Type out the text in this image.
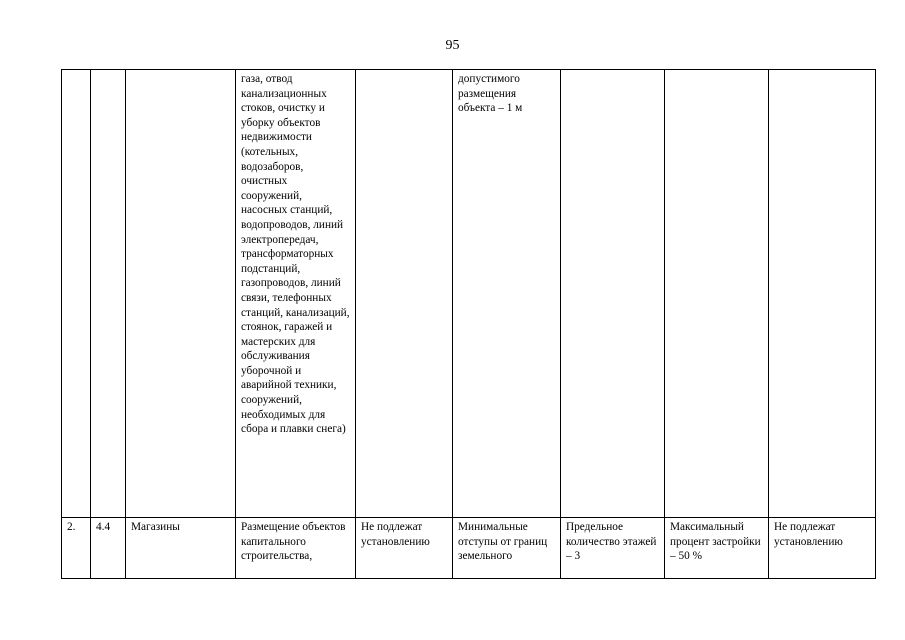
95
			газа, отвод канализационных стоков, очистку и уборку объектов недвижимости (котельных, водозаборов, очистных сооружений, насосных станций, водопроводов, линий электропередач, трансформаторных подстанций, газопроводов, линий связи, телефонных станций, канализаций, стоянок, гаражей и мастерских для обслуживания уборочной и аварийной техники, сооружений, необходимых для сбора и плавки снега)		допустимого размещения объекта – 1 м			

2.	4.4	Магазины	Размещение объектов капитального строительства,	Не подлежат установлению	Минимальные отступы от границ земельного	Предельное количество этажей – 3	Максимальный процент застройки – 50 %	Не подлежат установлению
